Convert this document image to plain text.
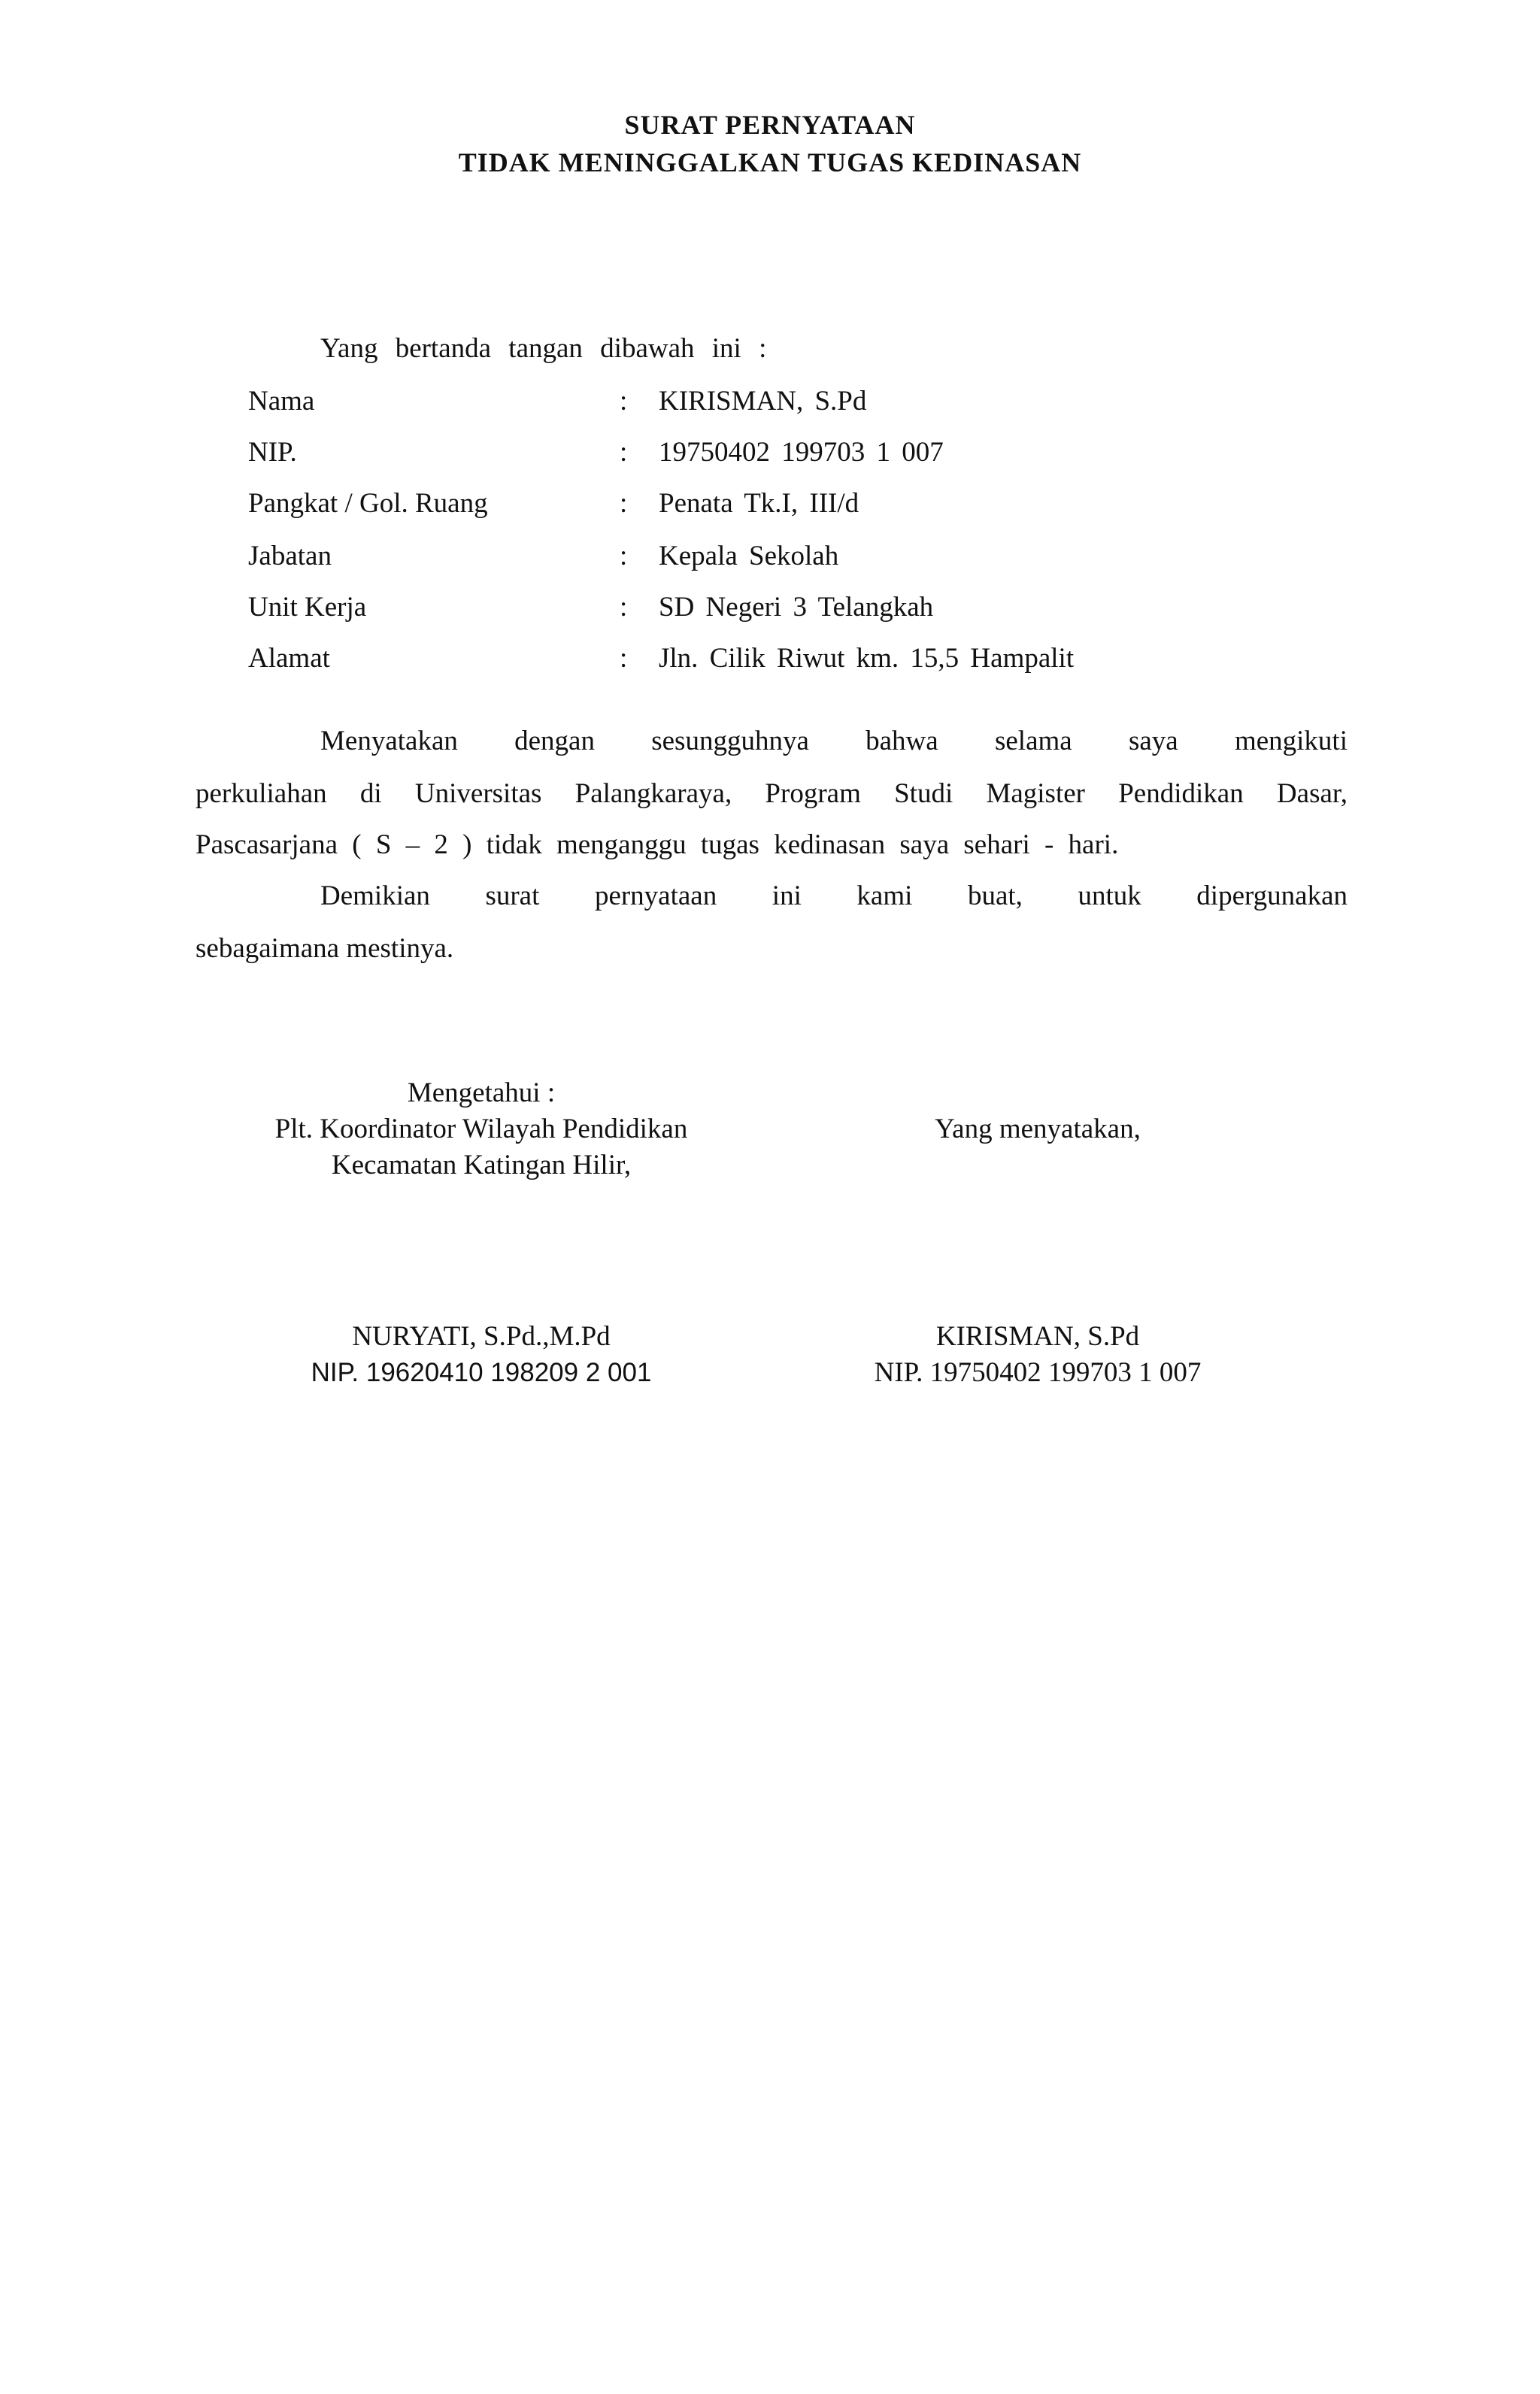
SURAT PERNYATAAN
TIDAK MENINGGALKAN TUGAS KEDINASAN
Yang bertanda tangan dibawah ini :
Nama	: KIRISMAN, S.Pd
NIP.	: 19750402 199703 1 007
Pangkat / Gol. Ruang	: Penata Tk.I, III/d
Jabatan	: Kepala Sekolah
Unit Kerja	: SD Negeri 3 Telangkah
Alamat	: Jln. Cilik Riwut km. 15,5 Hampalit
Menyatakan dengan sesungguhnya bahwa selama saya mengikuti
perkuliahan di Universitas Palangkaraya, Program Studi Magister Pendidikan Dasar,
Pascasarjana ( S – 2 ) tidak menganggu tugas kedinasan saya sehari - hari.
Demikian surat pernyataan ini kami buat, untuk dipergunakan
sebagaimana mestinya.
Mengetahui :
Plt. Koordinator Wilayah Pendidikan
Kecamatan Katingan Hilir,
NURYATI, S.Pd.,M.Pd
NIP. 19620410 198209 2 001
Yang menyatakan,
KIRISMAN, S.Pd
NIP. 19750402 199703 1 007
